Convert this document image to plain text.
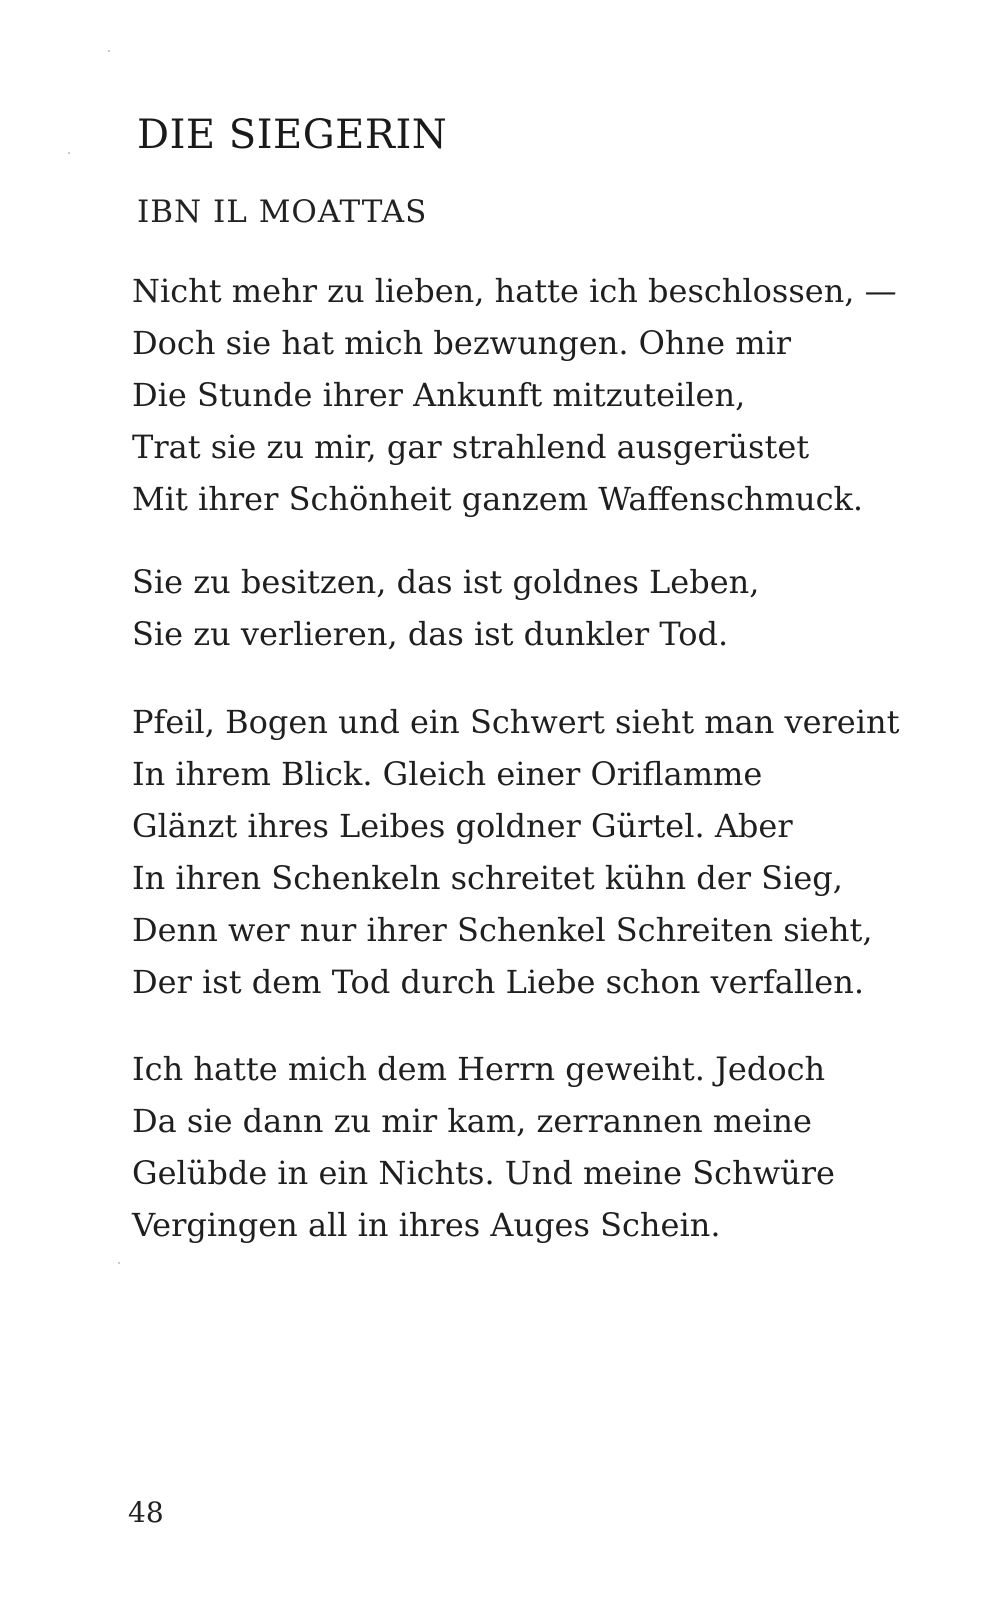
DIE SIEGERIN
IBN IL MOATTAS
Nicht mehr zu lieben, hatte ich beschlossen, —
Doch sie hat mich bezwungen. Ohne mir
Die Stunde ihrer Ankunft mitzuteilen,
Trat sie zu mir, gar strahlend ausgerüstet
Mit ihrer Schönheit ganzem Waffenschmuck.
Sie zu besitzen, das ist goldnes Leben,
Sie zu verlieren, das ist dunkler Tod.
Pfeil, Bogen und ein Schwert sieht man vereint
In ihrem Blick. Gleich einer Oriflamme
Glänzt ihres Leibes goldner Gürtel. Aber
In ihren Schenkeln schreitet kühn der Sieg,
Denn wer nur ihrer Schenkel Schreiten sieht,
Der ist dem Tod durch Liebe schon verfallen.
Ich hatte mich dem Herrn geweiht. Jedoch
Da sie dann zu mir kam, zerrannen meine
Gelübde in ein Nichts. Und meine Schwüre
Vergingen all in ihres Auges Schein.
48
